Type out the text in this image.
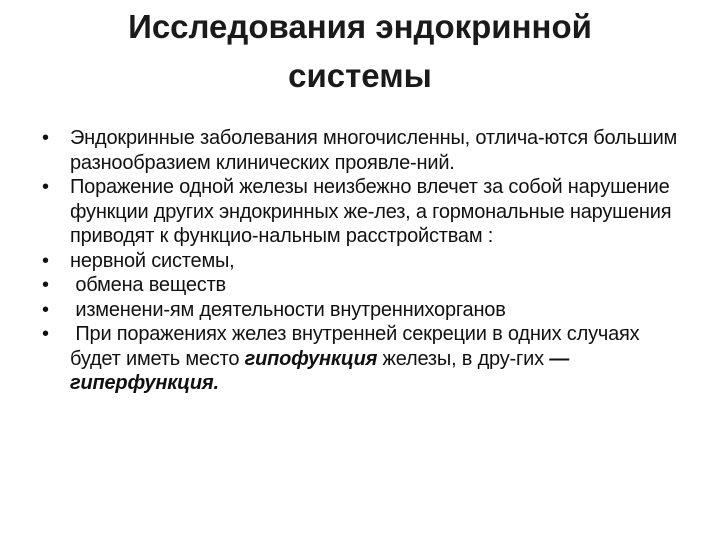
Исследования эндокринной
системы
• Эндокринные заболевания многочисленны, отлича-ются большим разнообразием клинических проявле-ний.
• Поражение одной железы неизбежно влечет за собой нарушение функции других эндокринных же-лез, а гормональные нарушения приводят к функцио-нальным расстройствам :
• нервной системы,
• обмена веществ
• изменени-ям деятельности внутреннихорганов
• При поражениях желез внутренней секреции в одних случаях будет иметь место гипофункция железы, в дру-гих —гиперфункция.
